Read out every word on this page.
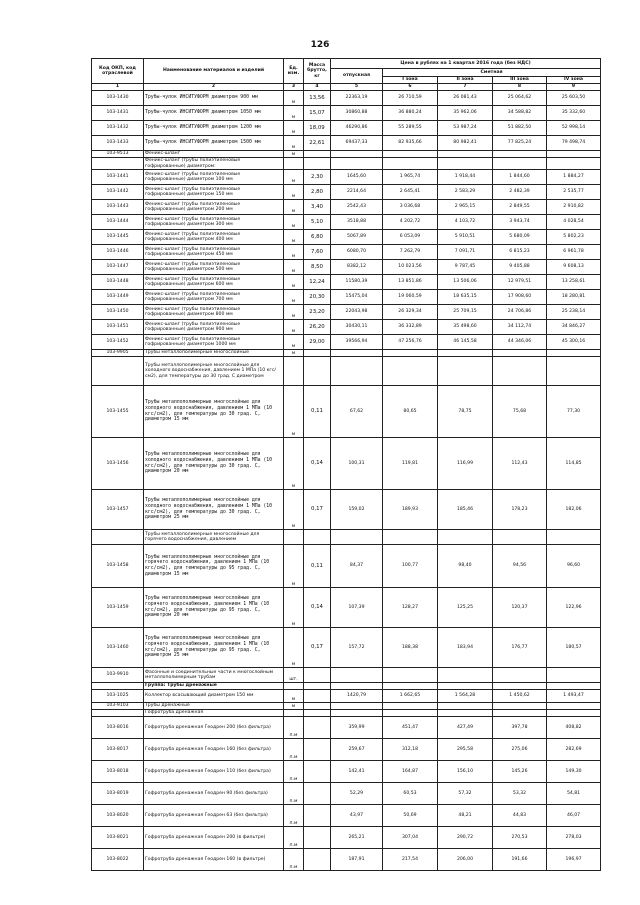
126
Код ОКП, код отраслевой	Наименование материалов и изделий	Ед. изм.	Масса брутто, кг	Цена в рублях на 1 квартал 2016 года (без НДС)				
				отпускная	Сметная			
					I зона	II зона	III зона	IV зона
1	2	3	4	5	6	7	8	9
103-1430	Трубы-чулок ИНСИТУФОРМ диаметром 900 мм	м	13,56	22363,19	26 710,59	26 081,43	25 064,62	25 603,50
103-1431	Трубы-чулок ИНСИТУФОРМ диаметром 1050 мм	м	15,07	30860,88	36 880,24	35 962,06	34 588,82	35 332,60
103-1432	Трубы-чулок ИНСИТУФОРМ диаметром 1200 мм	м	18,09	46290,86	55 289,55	53 987,24	51 882,50	52 998,14
103-1433	Трубы-чулок ИНСИТУФОРМ диаметром 1500 мм	м	22,61	69437,33	82 935,66	80 982,41	77 825,24	79 498,74
103-9513	Феникс-шланг	м						
	Феникс-шланг (трубы полиэтиленовые гофрированные) диаметром:							
103-1441	Феникс-шланг (трубы полиэтиленовые гофрированные) диаметром 100 мм	м	2,30	1645,60	1 965,74	1 918,44	1 844,60	1 884,27
103-1442	Феникс-шланг (трубы полиэтиленовые гофрированные) диаметром 150 мм	м	2,80	2214,64	2 645,41	2 583,29	2 482,39	2 535,77
103-1443	Феникс-шланг (трубы полиэтиленовые гофрированные) диаметром 200 мм	м	3,40	2542,43	3 036,68	2 965,15	2 849,55	2 910,82
103-1444	Феникс-шланг (трубы полиэтиленовые гофрированные) диаметром 300 мм	м	5,10	3518,88	4 202,72	4 103,72	3 943,74	4 028,54
103-1445	Феникс-шланг (трубы полиэтиленовые гофрированные) диаметром 400 мм	м	6,80	5067,89	6 053,09	5 910,51	5 680,09	5 802,23
103-1446	Феникс-шланг (трубы полиэтиленовые гофрированные) диаметром 450 мм	м	7,60	6080,70	7 262,79	7 091,71	6 815,23	6 961,78
103-1447	Феникс-шланг (трубы полиэтиленовые гофрированные) диаметром 500 мм	м	8,50	8382,12	10 023,56	9 787,45	9 405,88	9 608,13
103-1448	Феникс-шланг (трубы полиэтиленовые гофрированные) диаметром 600 мм	м	12,24	11580,39	13 851,86	13 506,06	12 979,51	13 258,61
103-1449	Феникс-шланг (трубы полиэтиленовые гофрированные) диаметром 700 мм	м	20,30	15475,04	19 060,59	18 635,15	17 908,60	18 280,81
103-1450	Феникс-шланг (трубы полиэтиленовые гофрированные) диаметром 800 мм	м	23,20	22043,98	26 329,34	25 709,15	24 706,86	25 238,14
103-1451	Феникс-шланг (трубы полиэтиленовые гофрированные) диаметром 900 мм	м	26,20	30430,11	36 332,89	35 498,60	34 112,74	34 846,27
103-1452	Феникс-шланг (трубы полиэтиленовые гофрированные) диаметром 1000 мм	м	29,00	39566,94	47 256,76	46 145,58	44 346,06	45 300,16
103-9905	Трубы металлополимерные многослойные	м						
	Трубы металлополимерные многослойные для холодного водоснабжения, давлением 1 МПа (10 кгс/см2), для температуры до 30 град. С диаметром							
103-1455	Трубы металлополимерные многослойные для холодного водоснабжения, давлением 1 МПа (10 кгс/см2), для температуры до 30 град. С, диаметром 15 мм	м	0,11	67,62	80,65	78,75	75,68	77,30
103-1456	Трубы металлополимерные многослойные для холодного водоснабжения, давлением 1 МПа (10 кгс/см2), для температуры до 30 град. С, диаметром 20 мм	м	0,14	100,31	119,81	116,99	112,43	114,85
103-1457	Трубы металлополимерные многослойные для холодного водоснабжения, давлением 1 МПа (10 кгс/см2), для температуры до 30 град. С, диаметром 25 мм	м	0,17	159,02	189,93	185,46	178,23	182,06
	Трубы металлополимерные многослойные для горячего водоснабжения, давлением							
103-1458	Трубы металлополимерные многослойные для горячего водоснабжения, давлением 1 МПа (10 кгс/см2), для температуры до 95 град. С, диаметром 15 мм	м	0,11	84,37	100,77	98,40	94,56	96,60
103-1459	Трубы металлополимерные многослойные для горячего водоснабжения, давлением 1 МПа (10 кгс/см2), для температуры до 95 град. С, диаметром 20 мм	м	0,14	107,39	128,27	125,25	120,37	122,96
103-1460	Трубы металлополимерные многослойные для горячего водоснабжения, давлением 1 МПа (10 кгс/см2), для температуры до 95 град. С, диаметром 25 мм	м	0,17	157,72	188,38	183,94	176,77	180,57
103-9910	Фасонные и соединительные части к многослойным металлополимерным трубам	шт.						
	Группа: Трубы дренажные							
103-1025	Коллектор всасывающий диаметром 150 мм	м		1420,79	1 662,65	1 564,28	1 450,62	1 493,47
103-9103	Трубы дренажные	м						
	Гофротруба дренажная							
103-8016	Гофротруба дренажная Геодрен 200 (без фильтра)	п.м		359,99	451,47	427,49	397,78	408,82
103-8017	Гофротруба дренажная Геодрен 160 (без фильтра)	п.м		259,67	312,18	295,58	275,06	282,69
103-8018	Гофротруба дренажная Геодрен 110 (без фильтра)	п.м		142,41	164,87	156,10	145,26	149,30
103-8019	Гофротруба дренажная Геодрен 90 (без фильтра)	п.м		52,29	60,53	57,32	53,32	54,81
103-8020	Гофротруба дренажная Геодрен 63 (без фильтра)	п.м		43,97	50,69	48,21	44,83	46,07
103-8021	Гофротруба дренажная Геодрен 200 (в фильтре)	п.м		265,21	307,04	290,72	270,53	278,03
103-8022	Гофротруба дренажная Геодрен 160 (в фильтре)	п.м		187,91	217,54	206,00	191,66	196,97
